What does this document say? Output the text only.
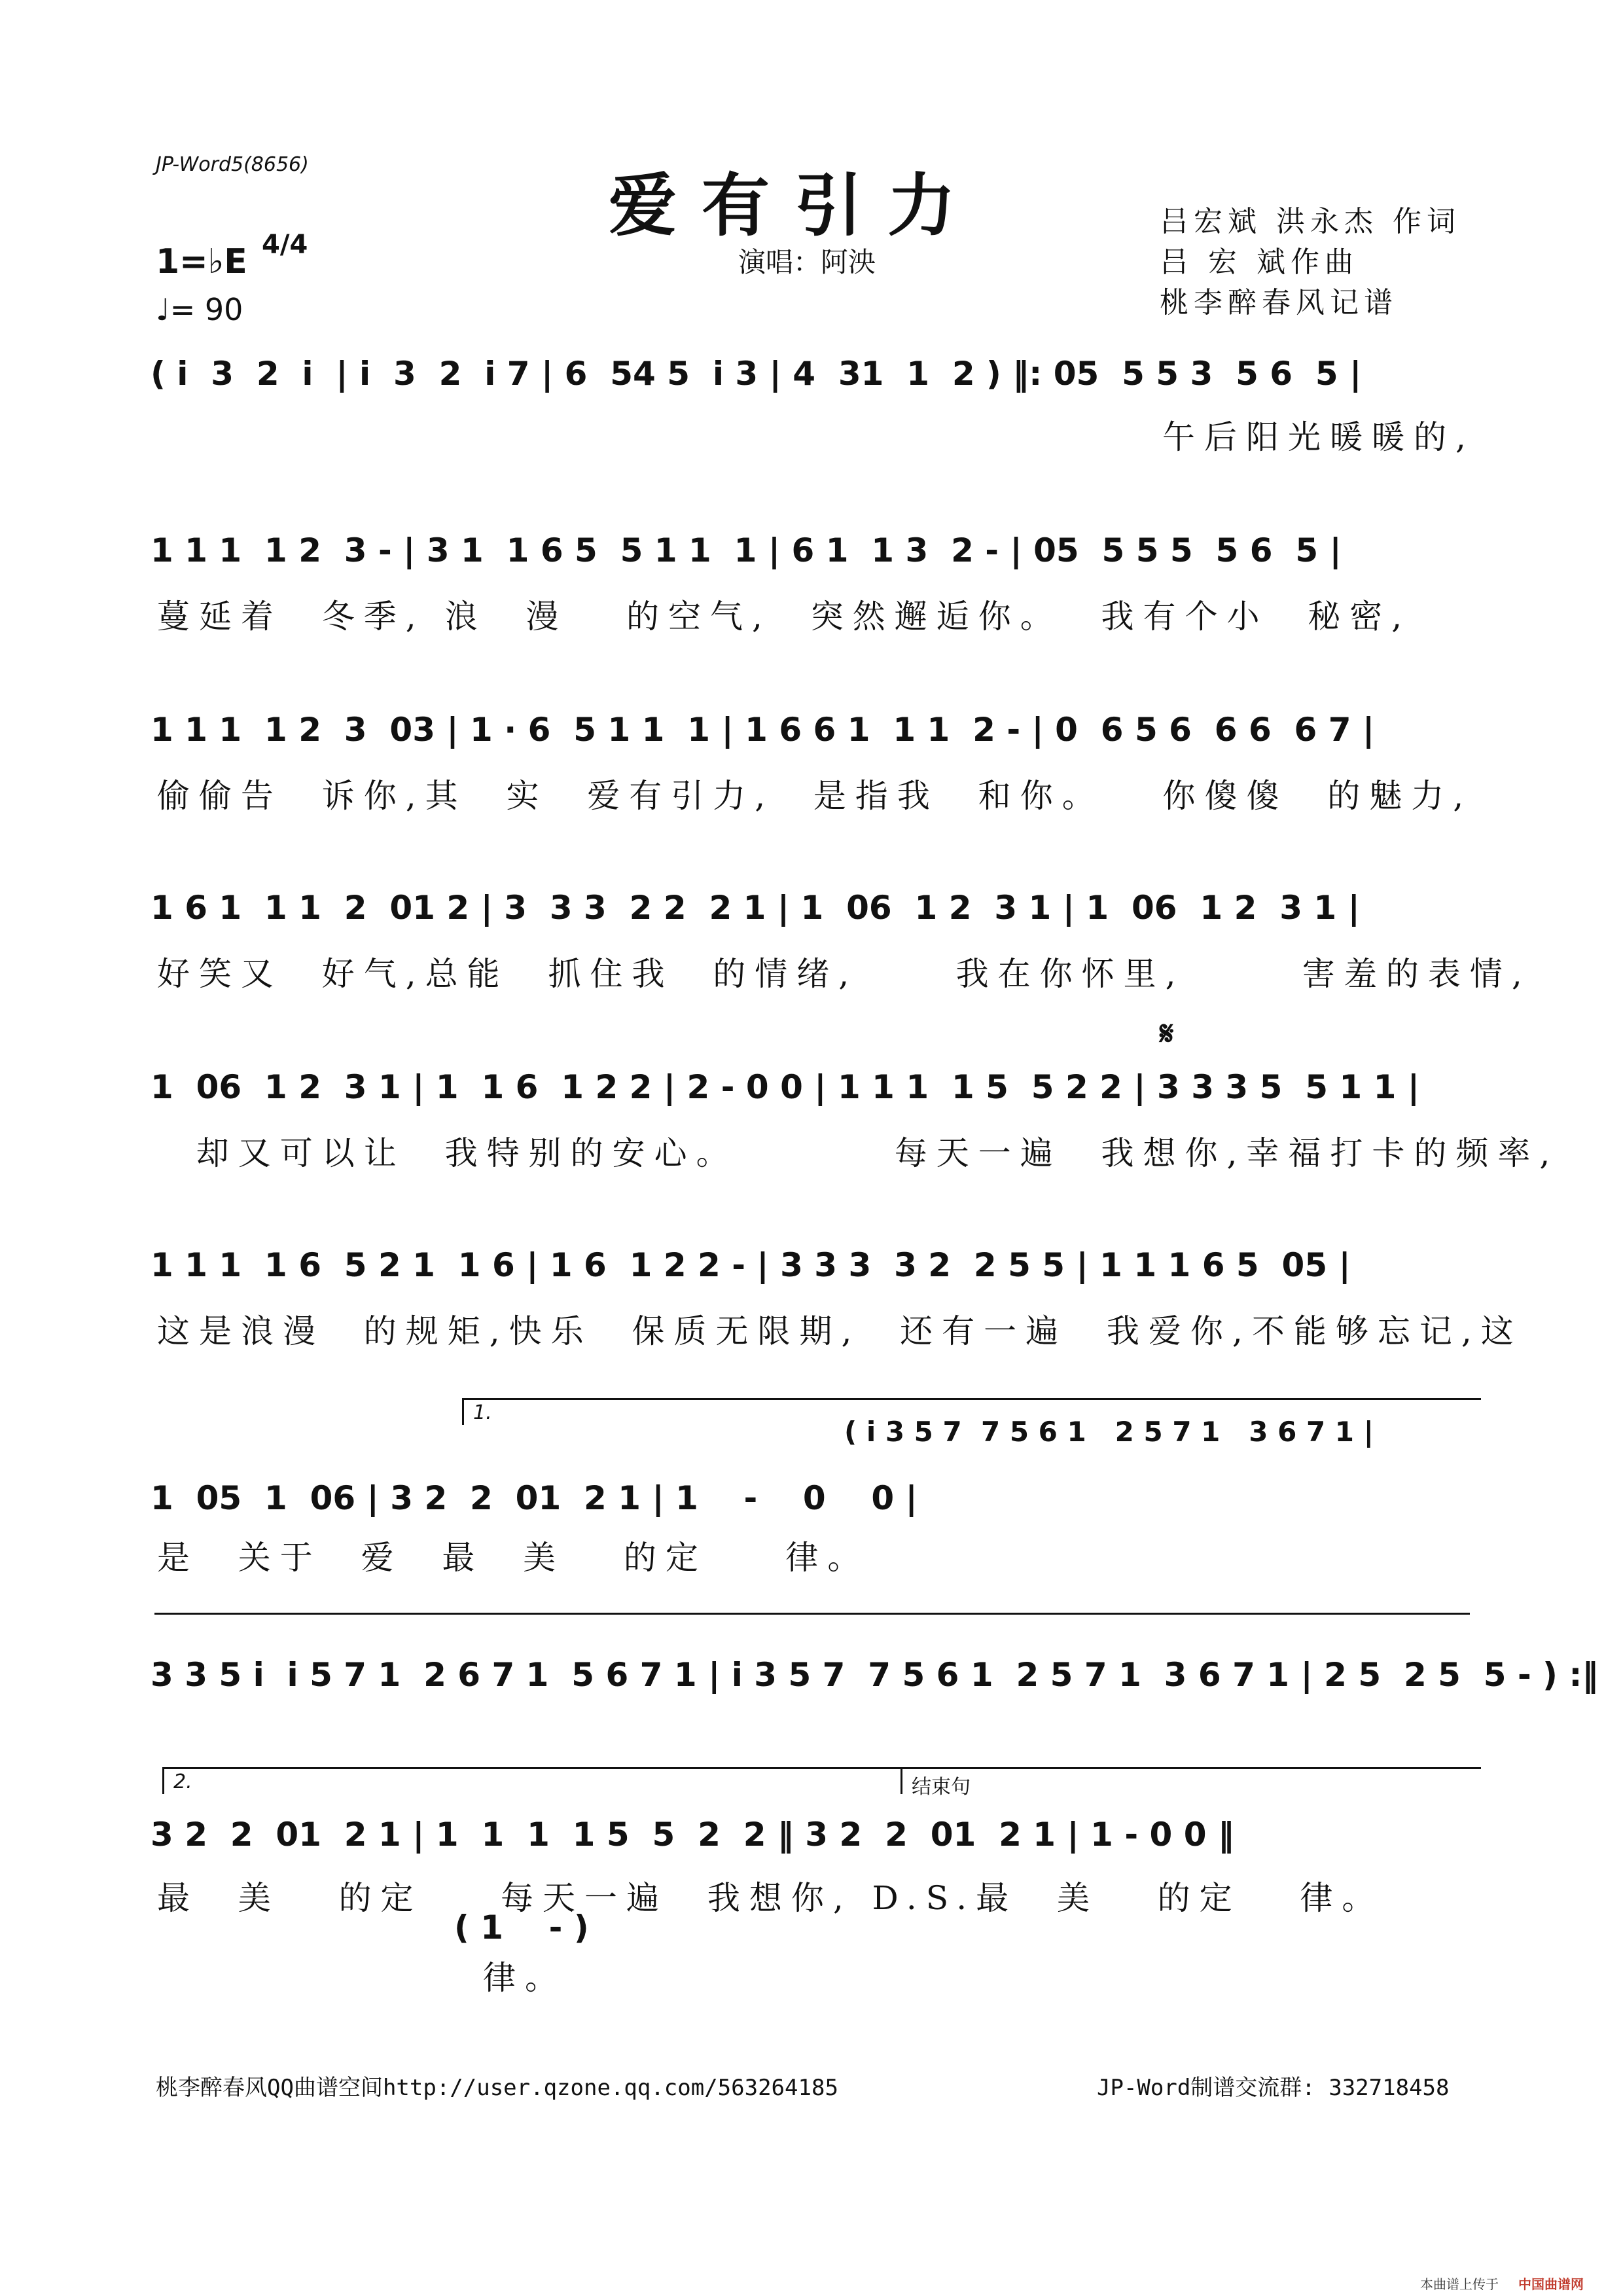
JP-Word5(8656)
爱有引力
演唱：阿泱
吕宏斌 洪永杰 作词
吕 宏 斌作曲
桃李醉春风记谱
1=♭E 4/4
♩= 90
( i  3  2  i  | i  3  2  i 7 | 6  54 5  i 3 | 4  31  1  2 ) ‖: 05  5 5 3  5 6  5 |
午后阳光暖暖的,
1 1 1  1 2  3 - | 3 1  1 6 5  5 1 1  1 | 6 1  1 3  2 - | 05  5 5 5  5 6  5 |
蔓延着  冬季, 浪  漫   的空气,  突然邂逅你。  我有个小  秘密,
1 1 1  1 2  3  03 | 1 · 6  5 1 1  1 | 1 6 6 1  1 1  2 - | 0  6 5 6  6 6  6 7 |
偷偷告  诉你,其  实  爱有引力,  是指我  和你。   你傻傻  的魅力,
1 6 1  1 1  2  01 2 | 3  3 3  2 2  2 1 | 1  06  1 2  3 1 | 1  06  1 2  3 1 |
好笑又  好气,总能  抓住我  的情绪,     我在你怀里,      害羞的表情,
𝄋
1  06  1 2  3 1 | 1  1 6  1 2 2 | 2 - 0 0 | 1 1 1  1 5  5 2 2 | 3 3 3 5  5 1 1 |
却又可以让  我特别的安心。        每天一遍  我想你,幸福打卡的频率,
1 1 1  1 6  5 2 1  1 6 | 1 6  1 2 2 - | 3 3 3  3 2  2 5 5 | 1 1 1 6 5  05 |
这是浪漫  的规矩,快乐  保质无限期,  还有一遍  我爱你,不能够忘记,这
1.
( i 3 5 7  7 5 6 1   2 5 7 1   3 6 7 1 |
1  05  1  06 | 3 2  2  01  2 1 | 1    -    0    0 |
是  关于  爱  最  美   的定    律。
3 3 5 i  i 5 7 1  2 6 7 1  5 6 7 1 | i 3 5 7  7 5 6 1  2 5 7 1  3 6 7 1 | 2 5  2 5  5 - ) :‖
2.	结束句
3 2  2  01  2 1 | 1  1  1  1 5  5  2  2 ‖ 3 2  2  01  2 1 | 1 - 0 0 ‖
最  美   的定    每天一遍  我想你, D.S.最  美   的定   律。
( 1    - )
律。
桃李醉春风QQ曲谱空间http://user.qzone.qq.com/563264185	JP-Word制谱交流群: 332718458
本曲谱上传于 中国曲谱网
